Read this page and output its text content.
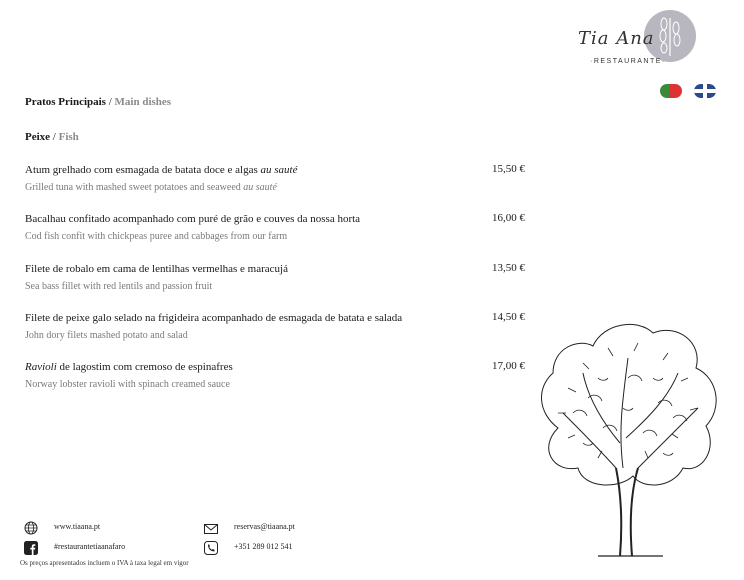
Tia Ana
·RESTAURANTE·

Pratos Principais / Main dishes
Peixe / Fish
Atum grelhado com esmagada de batata doce e algas au sauté
Grilled tuna with mashed sweet potatoes and seaweed au sauté
15,50 €
Bacalhau confitado acompanhado com puré de grão e couves da nossa horta
Cod fish confit with chickpeas puree and cabbages from our farm
16,00 €
Filete de robalo em cama de lentilhas vermelhas e maracujá
Sea bass fillet with red lentils and passion fruit
13,50 €
Filete de peixe galo selado na frigideira acompanhado de esmagada de batata e salada
John dory filets mashed potato and salad
14,50 €
Ravioli de lagostim com cremoso de espinafres
Norway lobster ravioli with spinach creamed sauce
17,00 €
www.tiaana.pt
#restaurantetiaanafaro
reservas@tiaana.pt
+351 289 012 541
Os preços apresentados incluem o IVA à taxa legal em vigor
